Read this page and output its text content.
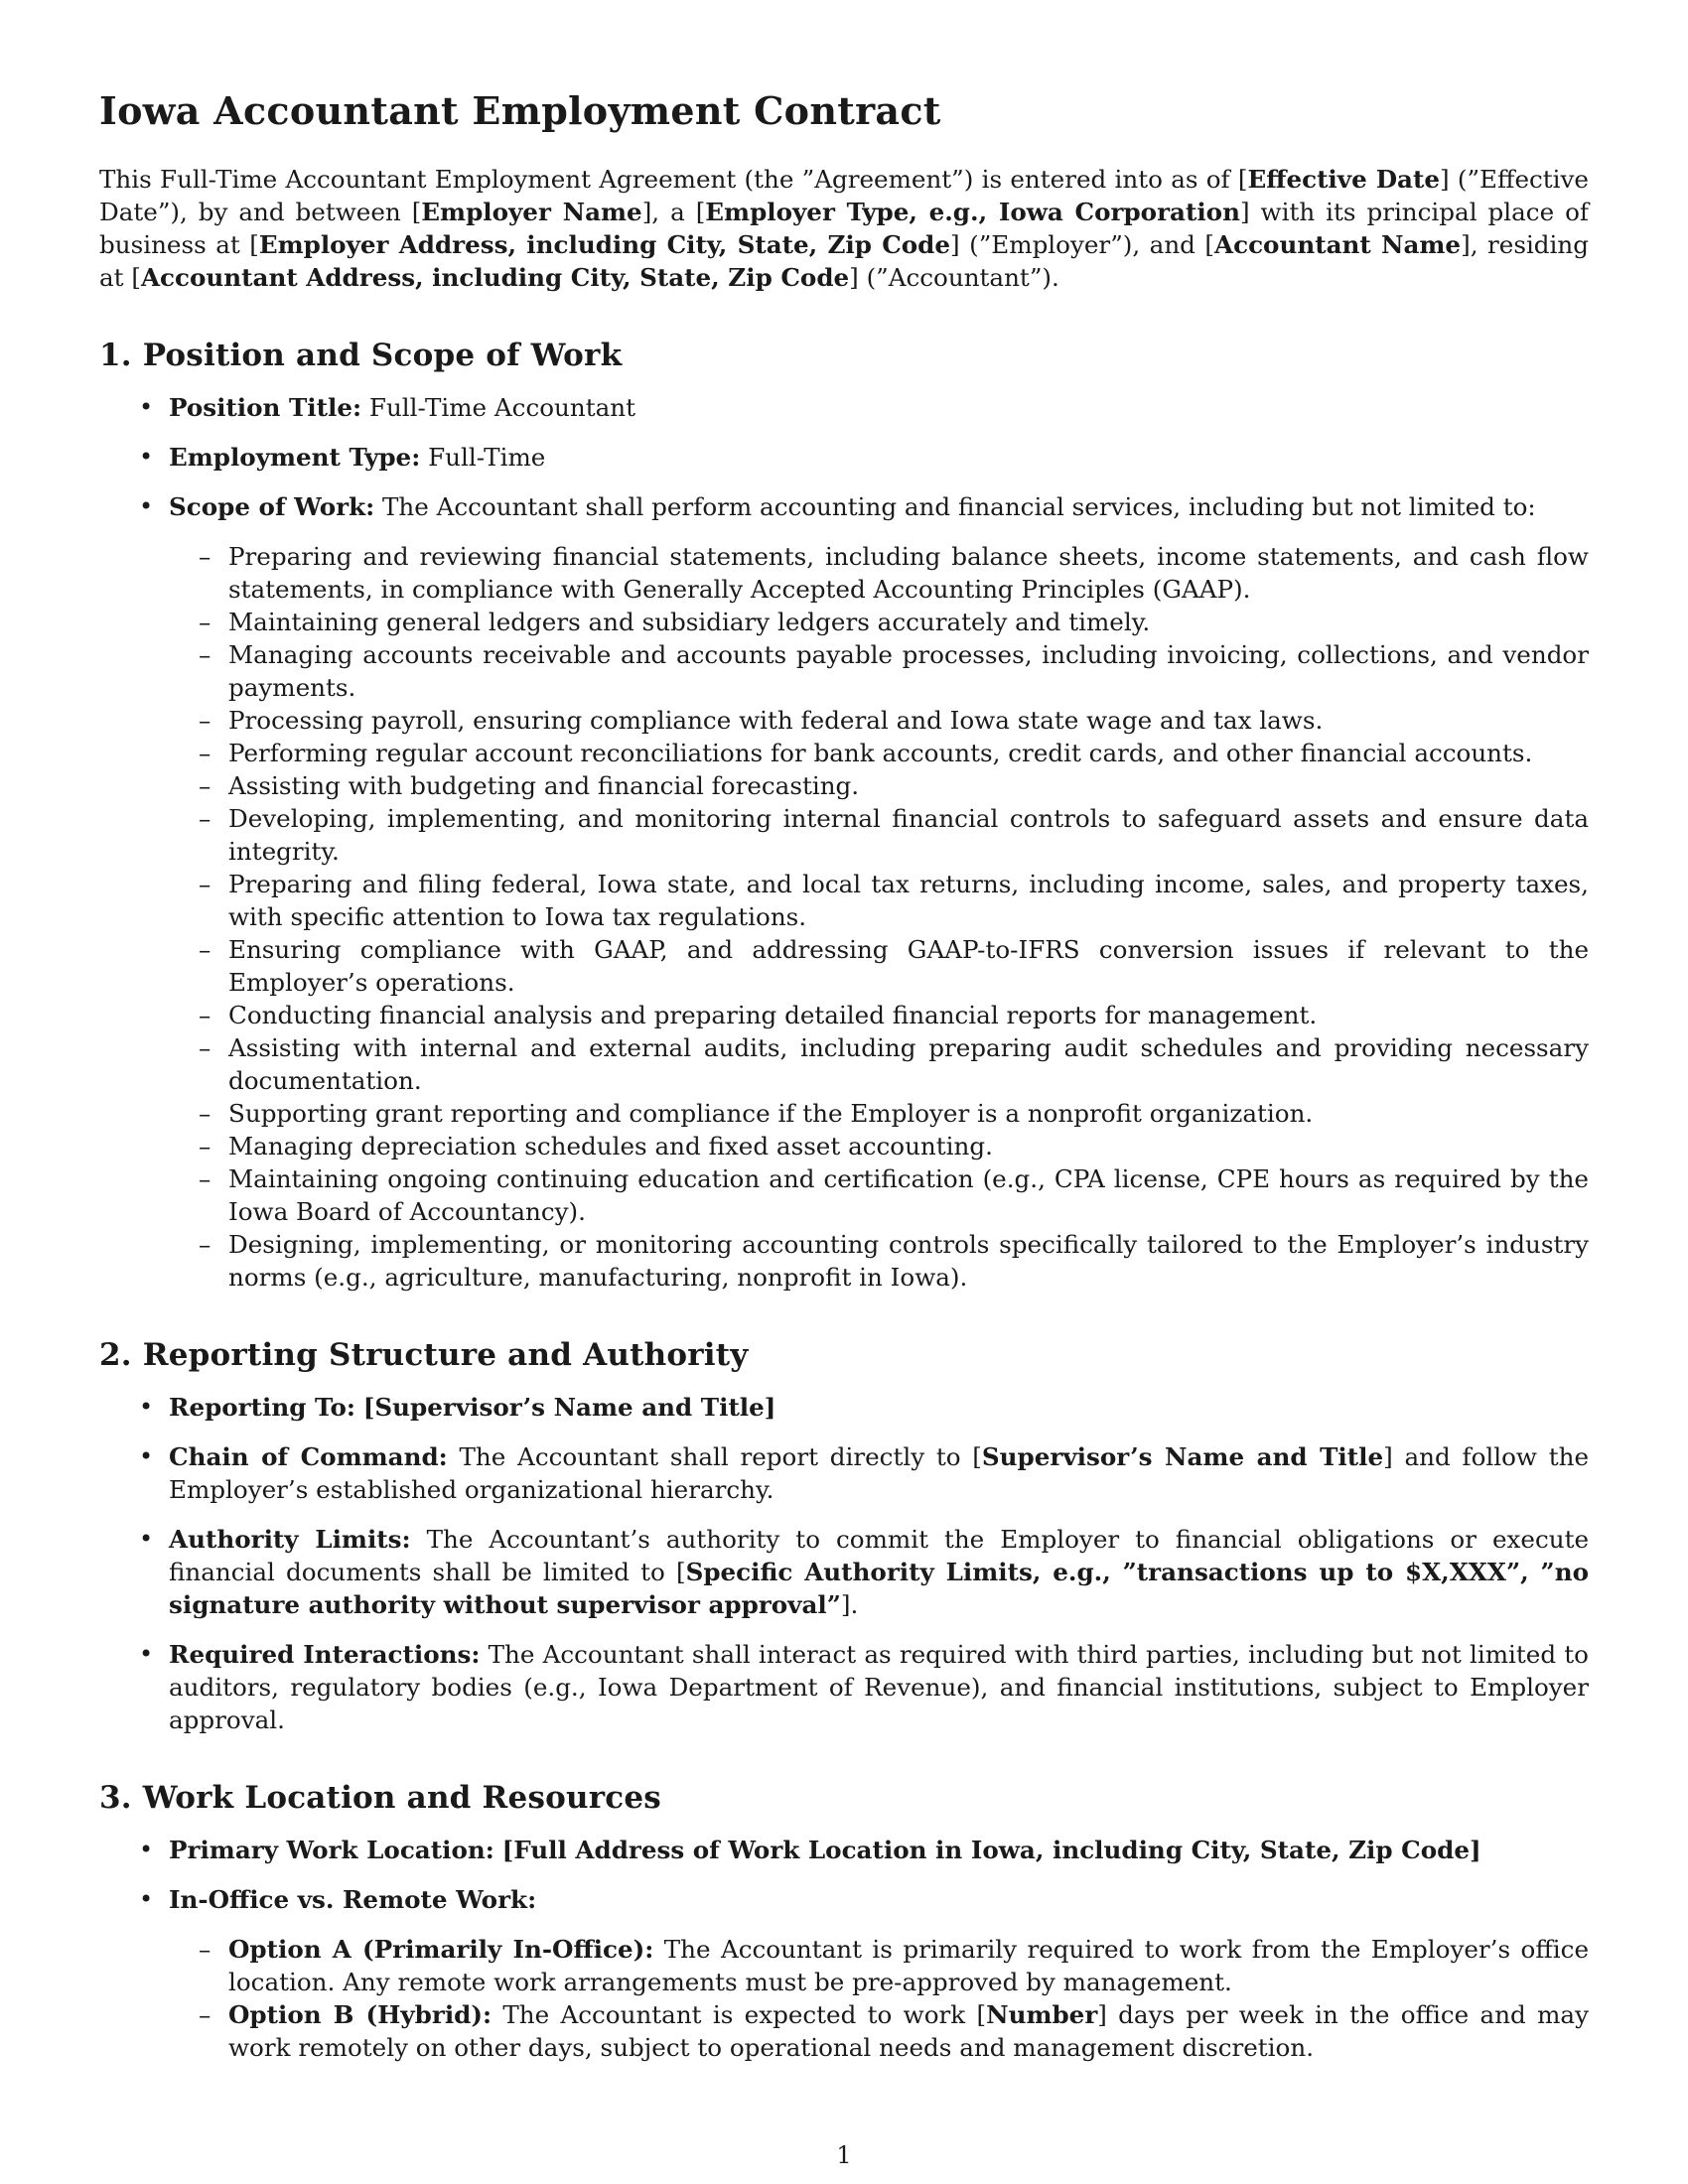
Iowa Accountant Employment Contract

This Full-Time Accountant Employment Agreement (the ”Agreement”) is entered into as of [Effective Date] (”Effective Date”), by and between [Employer Name], a [Employer Type, e.g., Iowa Corporation] with its principal place of business at [Employer Address, including City, State, Zip Code] (”Employer”), and [Accountant Name], residing at [Accountant Address, including City, State, Zip Code] (”Accountant”).

1. Position and Scope of Work
• Position Title: Full-Time Accountant
• Employment Type: Full-Time
• Scope of Work: The Accountant shall perform accounting and financial services, including but not limited to:
– Preparing and reviewing financial statements, including balance sheets, income statements, and cash flow statements, in compliance with Generally Accepted Accounting Principles (GAAP).
– Maintaining general ledgers and subsidiary ledgers accurately and timely.
– Managing accounts receivable and accounts payable processes, including invoicing, collections, and vendor payments.
– Processing payroll, ensuring compliance with federal and Iowa state wage and tax laws.
– Performing regular account reconciliations for bank accounts, credit cards, and other financial accounts.
– Assisting with budgeting and financial forecasting.
– Developing, implementing, and monitoring internal financial controls to safeguard assets and ensure data integrity.
– Preparing and filing federal, Iowa state, and local tax returns, including income, sales, and property taxes, with specific attention to Iowa tax regulations.
– Ensuring compliance with GAAP, and addressing GAAP-to-IFRS conversion issues if relevant to the Employer’s operations.
– Conducting financial analysis and preparing detailed financial reports for management.
– Assisting with internal and external audits, including preparing audit schedules and providing necessary documentation.
– Supporting grant reporting and compliance if the Employer is a nonprofit organization.
– Managing depreciation schedules and fixed asset accounting.
– Maintaining ongoing continuing education and certification (e.g., CPA license, CPE hours as required by the Iowa Board of Accountancy).
– Designing, implementing, or monitoring accounting controls specifically tailored to the Employer’s industry norms (e.g., agriculture, manufacturing, nonprofit in Iowa).
2. Reporting Structure and Authority
• Reporting To: [Supervisor’s Name and Title]
• Chain of Command: The Accountant shall report directly to [Supervisor’s Name and Title] and follow the Employer’s established organizational hierarchy.
• Authority Limits: The Accountant’s authority to commit the Employer to financial obligations or execute financial documents shall be limited to [Specific Authority Limits, e.g., ”transactions up to $X,XXX”, ”no signature authority without supervisor approval”].
• Required Interactions: The Accountant shall interact as required with third parties, including but not limited to auditors, regulatory bodies (e.g., Iowa Department of Revenue), and financial institutions, subject to Employer approval.
3. Work Location and Resources
• Primary Work Location: [Full Address of Work Location in Iowa, including City, State, Zip Code]
• In-Office vs. Remote Work:
– Option A (Primarily In-Office): The Accountant is primarily required to work from the Employer’s office location. Any remote work arrangements must be pre-approved by management.
– Option B (Hybrid): The Accountant is expected to work [Number] days per week in the office and may work remotely on other days, subject to operational needs and management discretion.
1
